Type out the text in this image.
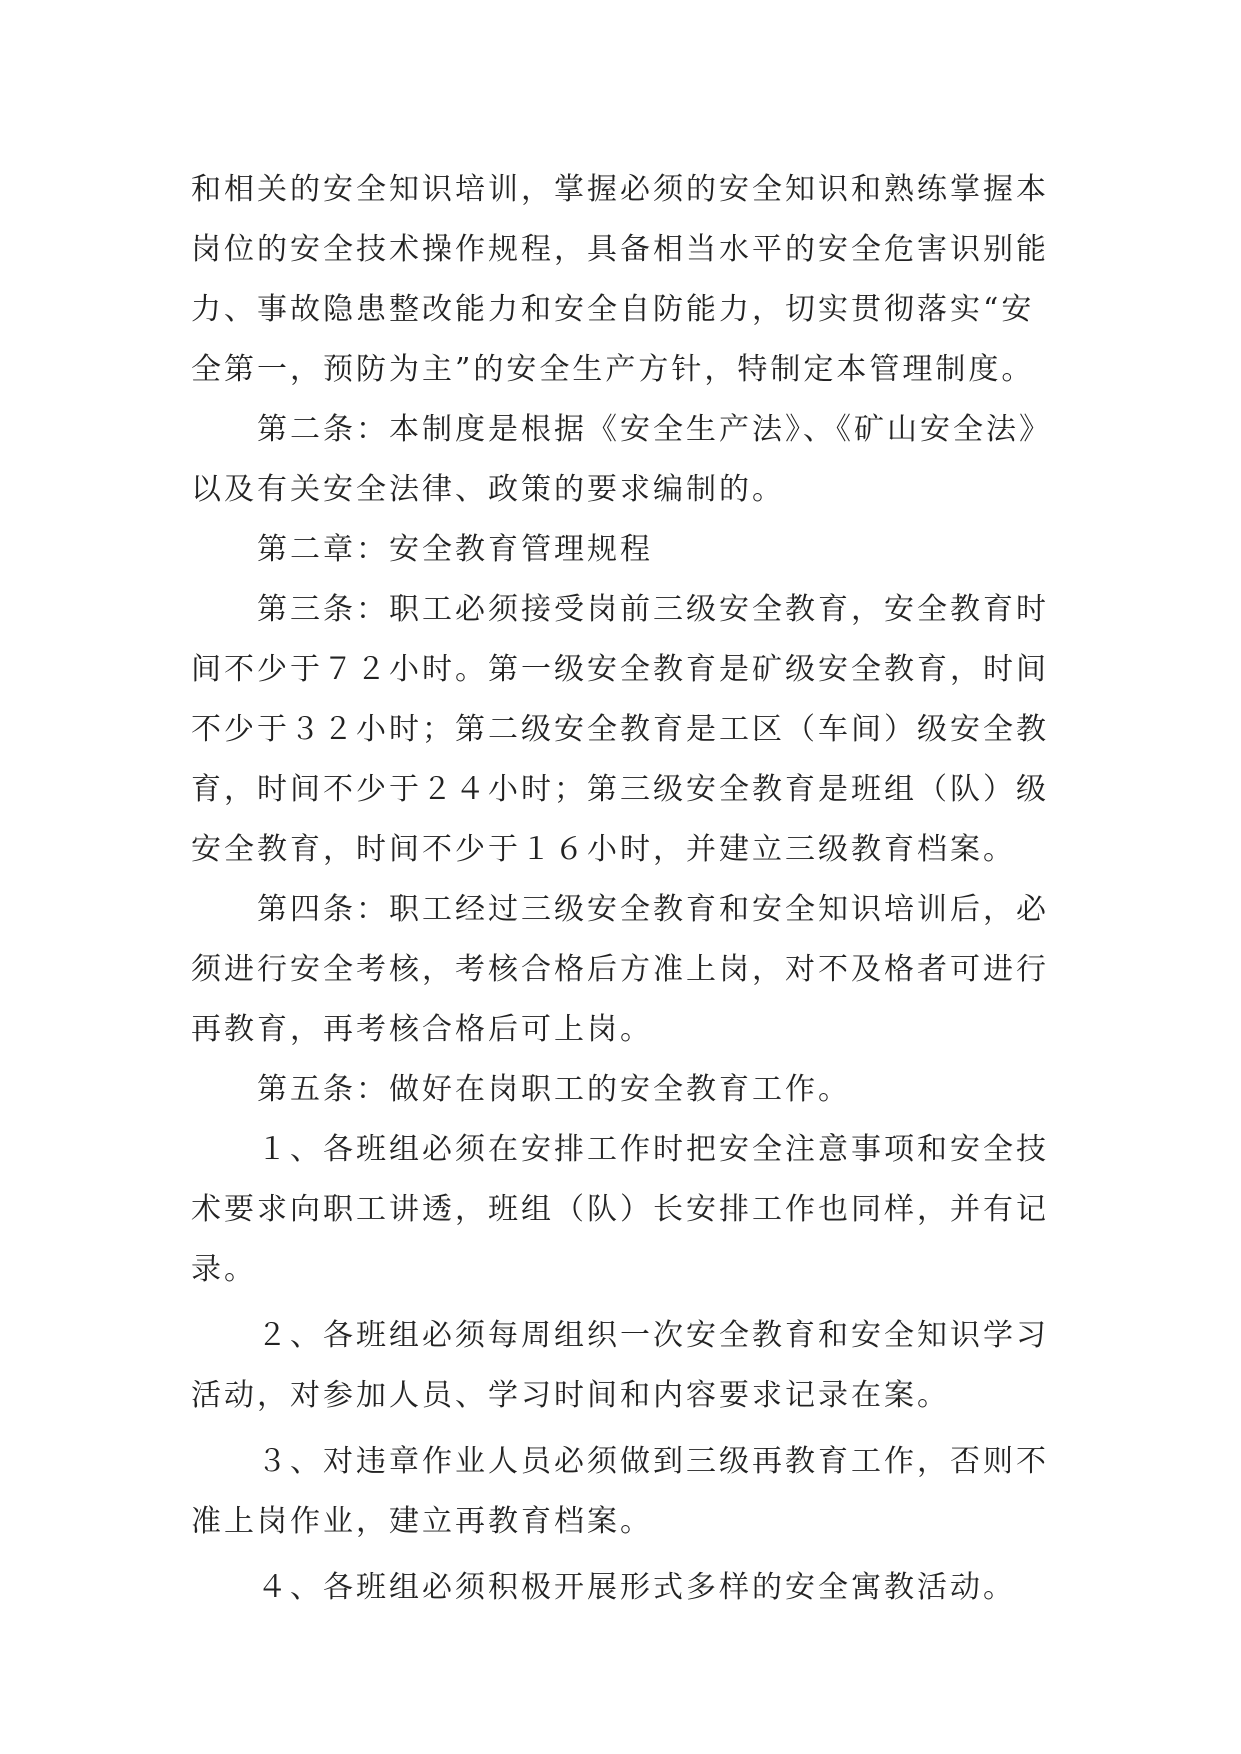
和相关的安全知识培训，掌握必须的安全知识和熟练掌握本岗位的安全技术操作规程，具备相当水平的安全危害识别能力、事故隐患整改能力和安全自防能力，切实贯彻落实“安全第一，预防为主”的安全生产方针，特制定本管理制度。

第二条：本制度是根据《安全生产法》、《矿山安全法》以及有关安全法律、政策的要求编制的。

第二章：安全教育管理规程

第三条：职工必须接受岗前三级安全教育，安全教育时间不少于７２小时。第一级安全教育是矿级安全教育，时间不少于３２小时；第二级安全教育是工区（车间）级安全教育，时间不少于２４小时；第三级安全教育是班组（队）级安全教育，时间不少于１６小时，并建立三级教育档案。

第四条：职工经过三级安全教育和安全知识培训后，必须进行安全考核，考核合格后方准上岗，对不及格者可进行再教育，再考核合格后可上岗。

第五条：做好在岗职工的安全教育工作。

１、各班组必须在安排工作时把安全注意事项和安全技术要求向职工讲透，班组（队）长安排工作也同样，并有记录。

２、各班组必须每周组织一次安全教育和安全知识学习活动，对参加人员、学习时间和内容要求记录在案。

３、对违章作业人员必须做到三级再教育工作，否则不准上岗作业，建立再教育档案。

４、各班组必须积极开展形式多样的安全寓教活动。
